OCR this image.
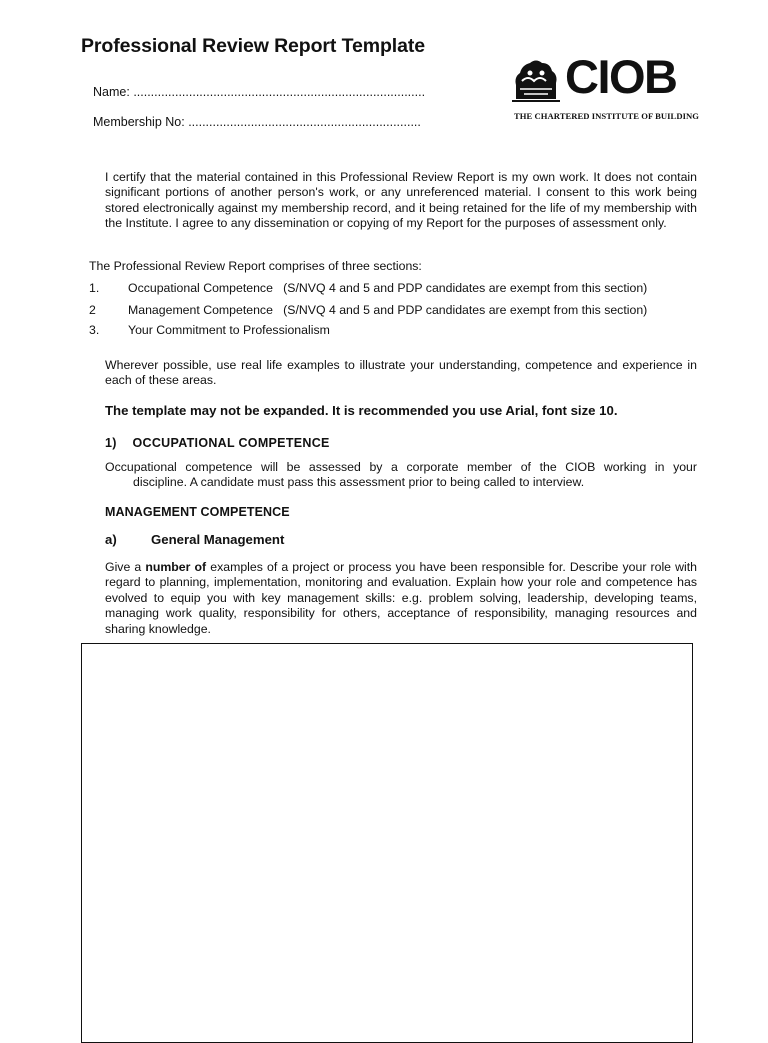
Professional Review Report Template
Name: ....................................................................................
Membership No: ...................................................................
CIOB
THE CHARTERED INSTITUTE OF BUILDING
I certify that the material contained in this Professional Review Report is my own work. It does not contain significant portions of another person's work, or any unreferenced material. I consent to this work being stored electronically against my membership record, and it being retained for the life of my membership with the Institute. I agree to any dissemination or copying of my Report for the purposes of assessment only.
The Professional Review Report comprises of three sections:
1. Occupational Competence (S/NVQ 4 and 5 and PDP candidates are exempt from this section)
2	Management Competence (S/NVQ 4 and 5 and PDP candidates are exempt from this section)
3. Your Commitment to Professionalism
Wherever possible, use real life examples to illustrate your understanding, competence and experience in each of these areas.
The template may not be expanded. It is recommended you use Arial, font size 10.
1) OCCUPATIONAL COMPETENCE
Occupational competence will be assessed by a corporate member of the CIOB working in your
discipline. A candidate must pass this assessment prior to being called to interview.
MANAGEMENT COMPETENCE
a)	General Management
Give a number of examples of a project or process you have been responsible for. Describe your role with regard to planning, implementation, monitoring and evaluation. Explain how your role and competence has evolved to equip you with key management skills: e.g. problem solving, leadership, developing teams, managing work quality, responsibility for others, acceptance of responsibility, managing resources and sharing knowledge.
